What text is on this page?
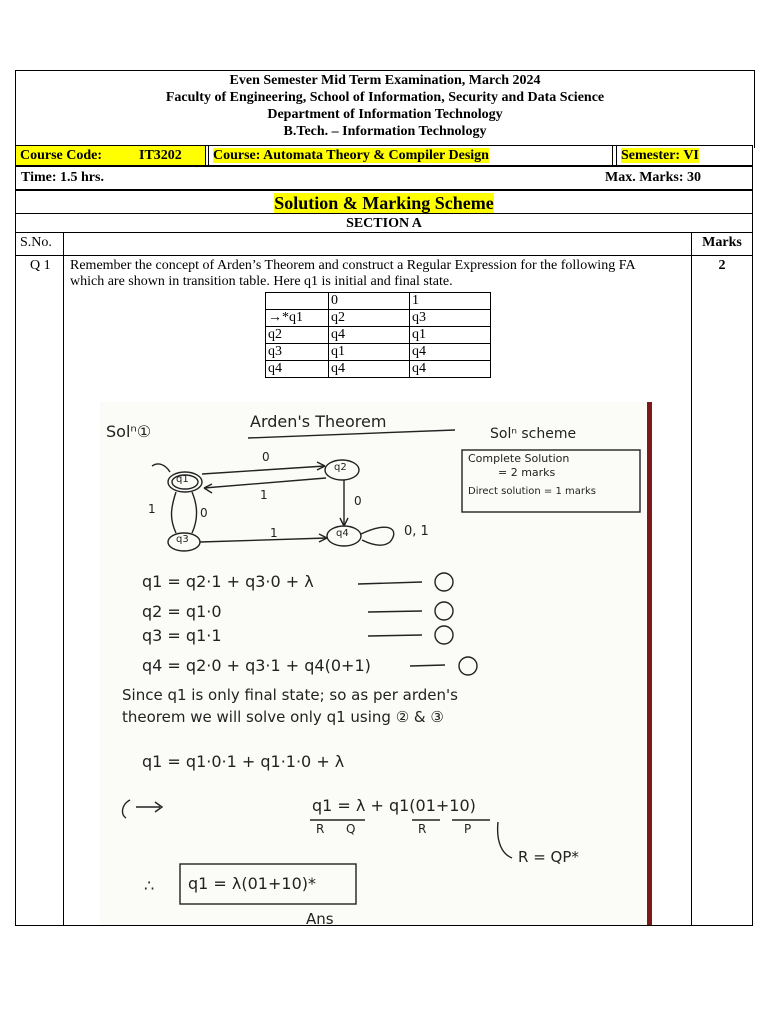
Even Semester Mid Term Examination, March 2024
Faculty of Engineering, School of Information, Security and Data Science
Department of Information Technology
B.Tech. – Information Technology
Course Code:	IT3202 Course: Automata Theory & Compiler Design	Semester: VI
Time: 1.5 hrs.	Max. Marks: 30
Solution & Marking Scheme
SECTION A
S.No.	Marks
Q 1	2
Remember the concept of Arden’s Theorem and construct a Regular Expression for the following FA
which are shown in transition table. Here q1 is initial and final state.
	0	1
→*q1	q2	q3
q2	q4	q1
q3	q1	q4
q4	q4	q4
Solⁿ①
Arden's Theorem
Solⁿ scheme
Complete Solution
= 2 marks
Direct solution = 1 marks
q1
q2
q3
q4
0
1
1	0
0
1	0, 1
q1 = q2·1 + q3·0 + λ
q2 = q1·0
q3 = q1·1
q4 = q2·0 + q3·1 + q4(0+1)
Since q1 is only final state; so as per arden's
theorem we will solve only q1 using ② & ③
q1 = q1·0·1 + q1·1·0 + λ
q1 = λ + q1(01+10)
R Q	R	P
R = QP*
∴ q1 = λ(01+10)*
Ans
